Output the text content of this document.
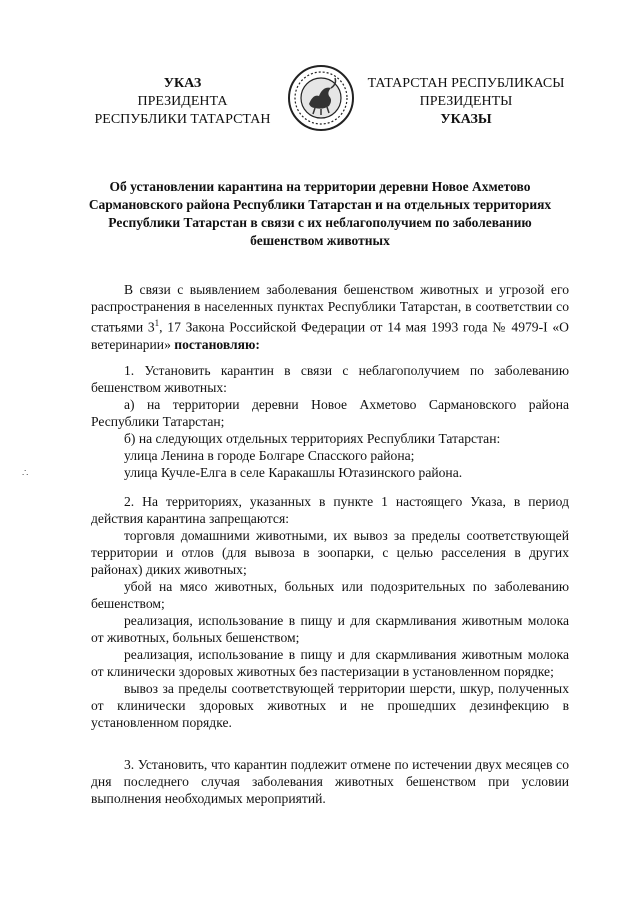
УКАЗ
ПРЕЗИДЕНТА
РЕСПУБЛИКИ ТАТАРСТАН
ТАТАРСТАН РЕСПУБЛИКАСЫ
ПРЕЗИДЕНТЫ
УКАЗЫ
Об установлении карантина на территории деревни Новое Ахметово Сармановского района Республики Татарстан и на отдельных территориях Республики Татарстан в связи с их неблагополучием по заболеванию бешенством животных

В связи с выявлением заболевания бешенством животных и угрозой его распространения в населенных пунктах Республики Татарстан, в соответствии со статьями $3^1$, 17 Закона Российской Федерации от 14 мая 1993 года № 4979-I «О ветеринарии» постановляю:

1. Установить карантин в связи с неблагополучием по заболеванию бешенством животных:

а) на территории деревни Новое Ахметово Сармановского района Республики Татарстан;

б) на следующих отдельных территориях Республики Татарстан:

улица Ленина в городе Болгаре Спасского района;

улица Кучле-Елга в селе Каракашлы Ютазинского района.

2. На территориях, указанных в пункте 1 настоящего Указа, в период действия карантина запрещаются:

торговля домашними животными, их вывоз за пределы соответствующей территории и отлов (для вывоза в зоопарки, с целью расселения в других районах) диких животных;

убой на мясо животных, больных или подозрительных по заболеванию бешенством;

реализация, использование в пищу и для скармливания животным молока от животных, больных бешенством;

реализация, использование в пищу и для скармливания животным молока от клинически здоровых животных без пастеризации в установленном порядке;

вывоз за пределы соответствующей территории шерсти, шкур, полученных от клинически здоровых животных и не прошедших дезинфекцию в установленном порядке.

3. Установить, что карантин подлежит отмене по истечении двух месяцев со дня последнего случая заболевания животных бешенством при условии выполнения необходимых мероприятий.

∴
